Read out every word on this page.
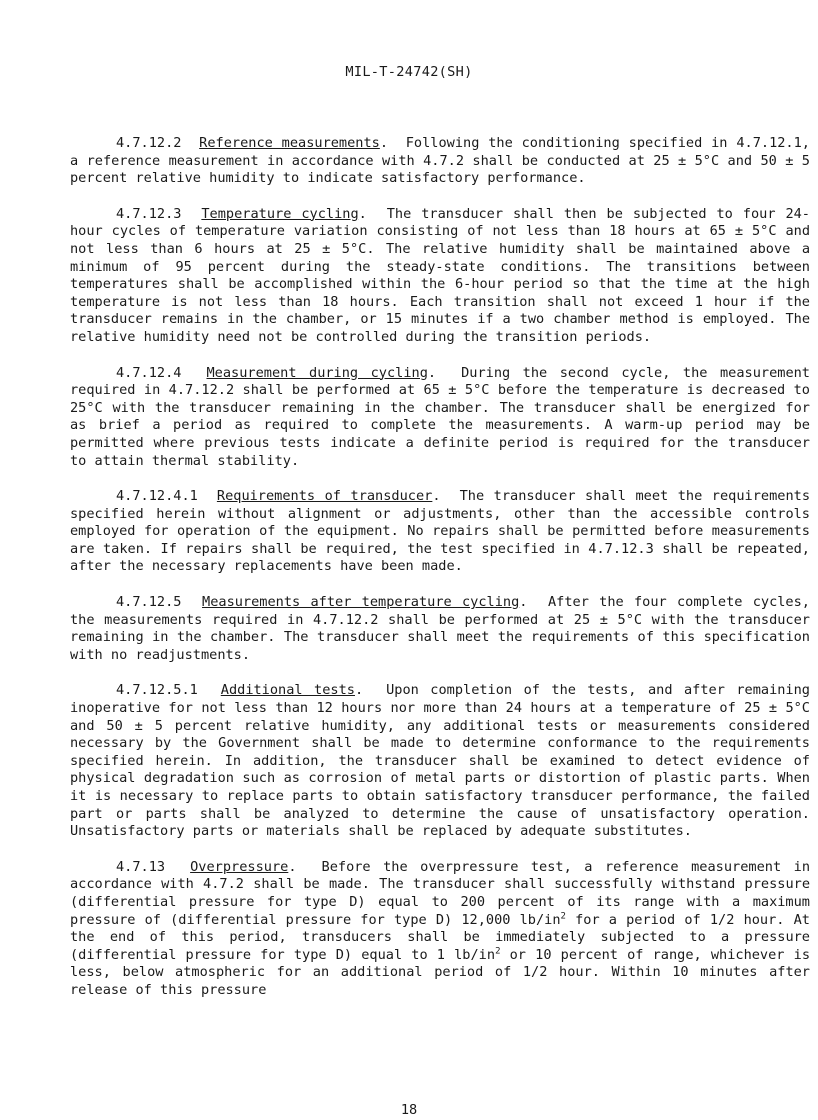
MIL-T-24742(SH)

4.7.12.2 Reference measurements.  Following the conditioning specified in 4.7.12.1, a reference measurement in accordance with 4.7.2 shall be conducted at 25 ± 5°C and 50 ± 5 percent relative humidity to indicate satisfactory performance.

4.7.12.3 Temperature cycling.  The transducer shall then be subjected to four 24-hour cycles of temperature variation consisting of not less than 18 hours at 65 ± 5°C and not less than 6 hours at 25 ± 5°C. The relative humidity shall be maintained above a minimum of 95 percent during the steady-state conditions. The transitions between temperatures shall be accomplished within the 6-hour period so that the time at the high temperature is not less than 18 hours. Each transition shall not exceed 1 hour if the transducer remains in the chamber, or 15 minutes if a two chamber method is employed. The relative humidity need not be controlled during the transition periods.

4.7.12.4 Measurement during cycling.  During the second cycle, the measurement required in 4.7.12.2 shall be performed at 65 ± 5°C before the temperature is decreased to 25°C with the transducer remaining in the chamber. The transducer shall be energized for as brief a period as required to complete the measurements. A warm-up period may be permitted where previous tests indicate a definite period is required for the transducer to attain thermal stability.

4.7.12.4.1 Requirements of transducer.  The transducer shall meet the requirements specified herein without alignment or adjustments, other than the accessible controls employed for operation of the equipment. No repairs shall be permitted before measurements are taken. If repairs shall be required, the test specified in 4.7.12.3 shall be repeated, after the necessary replacements have been made.

4.7.12.5 Measurements after temperature cycling.  After the four complete cycles, the measurements required in 4.7.12.2 shall be performed at 25 ± 5°C with the transducer remaining in the chamber. The transducer shall meet the requirements of this specification with no readjustments.

4.7.12.5.1 Additional tests.  Upon completion of the tests, and after remaining inoperative for not less than 12 hours nor more than 24 hours at a temperature of 25 ± 5°C and 50 ± 5 percent relative humidity, any additional tests or measurements considered necessary by the Government shall be made to determine conformance to the requirements specified herein. In addition, the transducer shall be examined to detect evidence of physical degradation such as corrosion of metal parts or distortion of plastic parts. When it is necessary to replace parts to obtain satisfactory transducer performance, the failed part or parts shall be analyzed to determine the cause of unsatisfactory operation. Unsatisfactory parts or materials shall be replaced by adequate substitutes.

4.7.13 Overpressure.  Before the overpressure test, a reference measurement in accordance with 4.7.2 shall be made. The transducer shall successfully withstand pressure (differential pressure for type D) equal to 200 percent of its range with a maximum pressure of (differential pressure for type D) 12,000 $lb/in^2$ for a period of 1/2 hour. At the end of this period, transducers shall be immediately subjected to a pressure (differential pressure for type D) equal to 1 $lb/in^2$ or 10 percent of range, whichever is less, below atmospheric for an additional period of 1/2 hour. Within 10 minutes after release of this pressure

18
